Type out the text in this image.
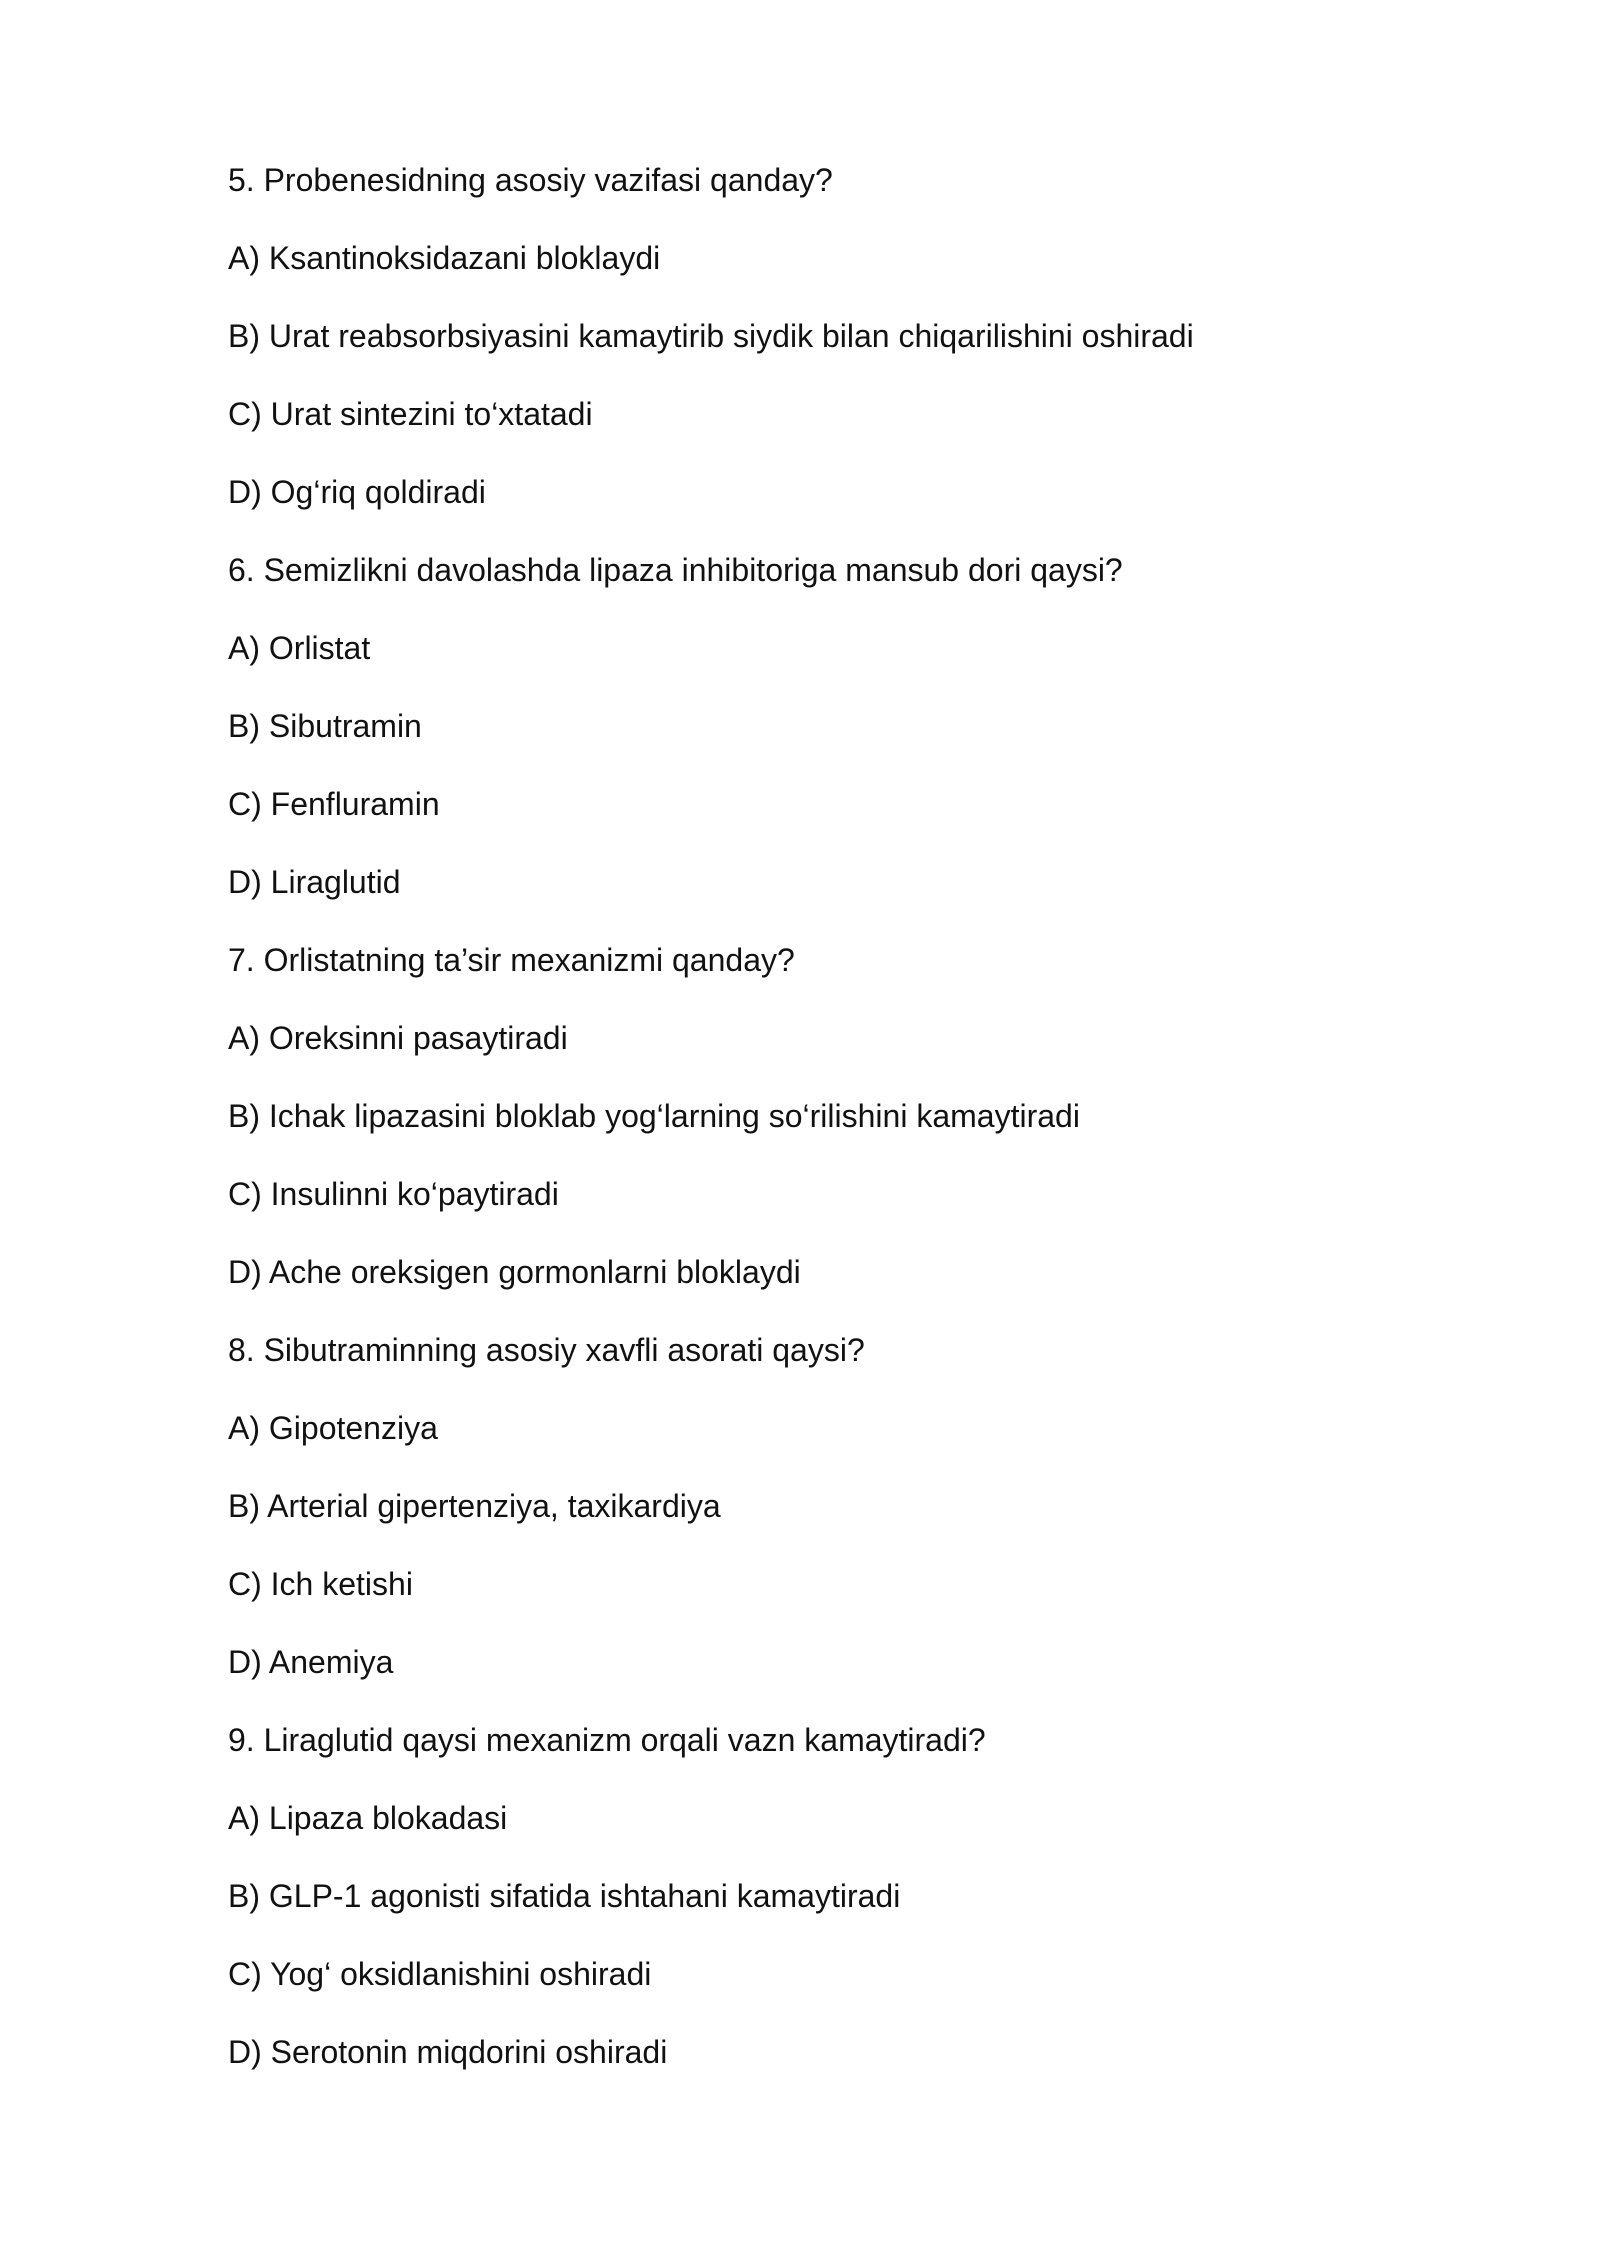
5. Probenesidning asosiy vazifasi qanday?
A) Ksantinoksidazani bloklaydi
B) Urat reabsorbsiyasini kamaytirib siydik bilan chiqarilishini oshiradi
C) Urat sintezini to‘xtatadi
D) Og‘riq qoldiradi
6. Semizlikni davolashda lipaza inhibitoriga mansub dori qaysi?
A) Orlistat
B) Sibutramin
C) Fenfluramin
D) Liraglutid
7. Orlistatning ta’sir mexanizmi qanday?
A) Oreksinni pasaytiradi
B) Ichak lipazasini bloklab yog‘larning so‘rilishini kamaytiradi
C) Insulinni ko‘paytiradi
D) Ache oreksigen gormonlarni bloklaydi
8. Sibutraminning asosiy xavfli asorati qaysi?
A) Gipotenziya
B) Arterial gipertenziya, taxikardiya
C) Ich ketishi
D) Anemiya
9. Liraglutid qaysi mexanizm orqali vazn kamaytiradi?
A) Lipaza blokadasi
B) GLP-1 agonisti sifatida ishtahani kamaytiradi
C) Yog‘ oksidlanishini oshiradi
D) Serotonin miqdorini oshiradi
